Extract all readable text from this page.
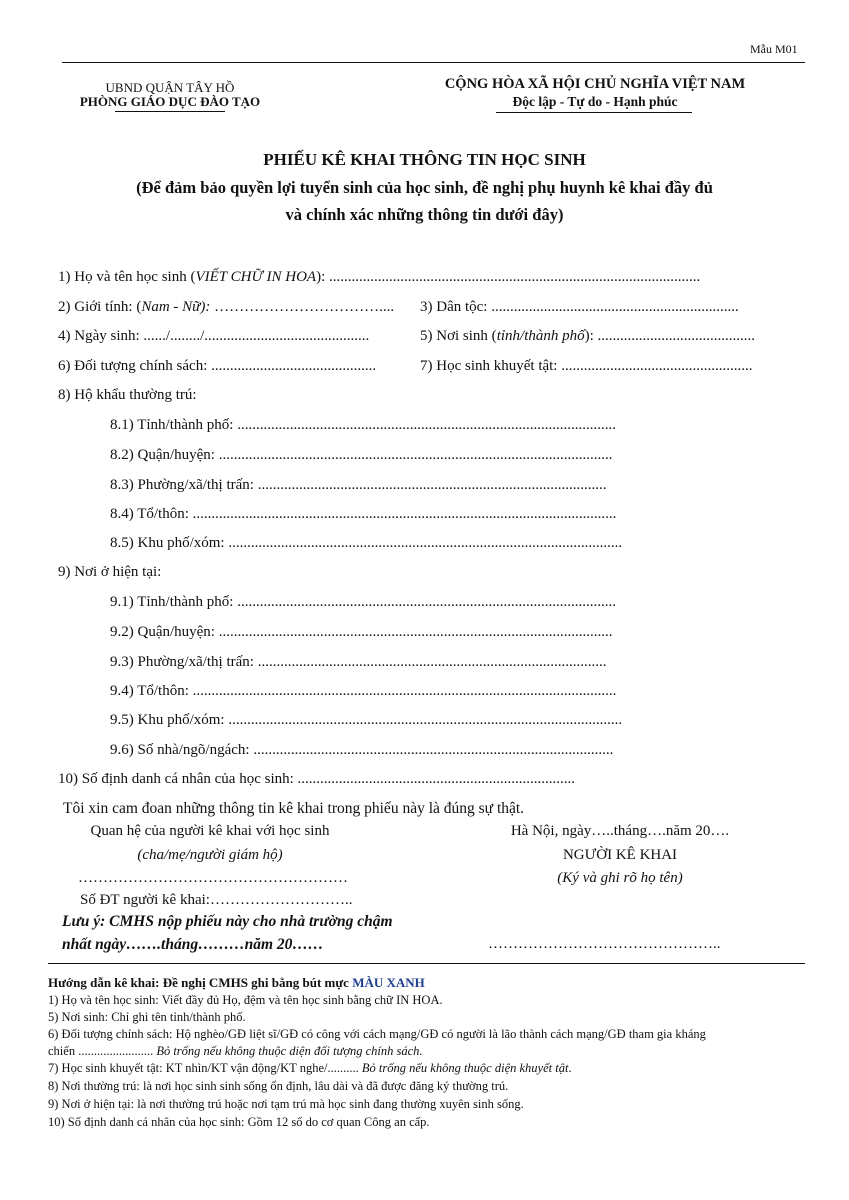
Mẫu M01
UBND QUẬN TÂY HỒ
PHÒNG GIÁO DỤC ĐÀO TẠO
CỘNG HÒA XÃ HỘI CHỦ NGHĨA VIỆT NAM
Độc lập - Tự do - Hạnh phúc
PHIẾU KÊ KHAI THÔNG TIN HỌC SINH
(Để đảm bảo quyền lợi tuyển sinh của học sinh, đề nghị phụ huynh kê khai đầy đủ
và chính xác những thông tin dưới đây)
1) Họ và tên học sinh (VIẾT CHỮ IN HOA): ...................................................................................................
2) Giới tính: (Nam - Nữ): …………………………….... 3) Dân tộc: ..................................................................
4) Ngày sinh: ....../......../............................................	5) Nơi sinh (tỉnh/thành phố): ..........................................
6) Đối tượng chính sách: ............................................	7) Học sinh khuyết tật: ...................................................
8) Hộ khẩu thường trú:
8.1) Tỉnh/thành phố: .....................................................................................................
8.2) Quận/huyện: .........................................................................................................
8.3) Phường/xã/thị trấn: .............................................................................................
8.4) Tổ/thôn: .................................................................................................................
8.5) Khu phố/xóm: .........................................................................................................
9) Nơi ở hiện tại:
9.1) Tỉnh/thành phố: .....................................................................................................
9.2) Quận/huyện: .........................................................................................................
9.3) Phường/xã/thị trấn: .............................................................................................
9.4) Tổ/thôn: .................................................................................................................
9.5) Khu phố/xóm: .........................................................................................................
9.6) Số nhà/ngõ/ngách: ................................................................................................
10) Số định danh cá nhân của học sinh: ..........................................................................
Tôi xin cam đoan những thông tin kê khai trong phiếu này là đúng sự thật.
Quan hệ của người kê khai với học sinh
(cha/mẹ/người giám hộ)
………………………………………………
Số ĐT người kê khai:………………………..
Lưu ý: CMHS nộp phiếu này cho nhà trường chậm
nhất ngày…….tháng………năm 20……
Hà Nội, ngày…..tháng….năm 20….
NGƯỜI KÊ KHAI
(Ký và ghi rõ họ tên)
………………………………………..
Hướng dẫn kê khai: Đề nghị CMHS ghi bằng bút mực MÀU XANH
1) Họ và tên học sinh: Viết đầy đủ Họ, đệm và tên học sinh bằng chữ IN HOA.
5) Nơi sinh: Chỉ ghi tên tỉnh/thành phố.
6) Đối tượng chính sách: Hộ nghèo/GĐ liệt sĩ/GĐ có công với cách mạng/GĐ có người là lão thành cách mạng/GĐ tham gia kháng
chiến ........................ Bỏ trống nếu không thuộc diện đối tượng chính sách.
7) Học sinh khuyết tật: KT nhìn/KT vận động/KT nghe/.......... Bỏ trống nếu không thuộc diện khuyết tật.
8) Nơi thường trú: là nơi học sinh sinh sống ổn định, lâu dài và đã được đăng ký thường trú.
9) Nơi ở hiện tại: là nơi thường trú hoặc nơi tạm trú mà học sinh đang thường xuyên sinh sống.
10) Số định danh cá nhân của học sinh: Gồm 12 số do cơ quan Công an cấp.
